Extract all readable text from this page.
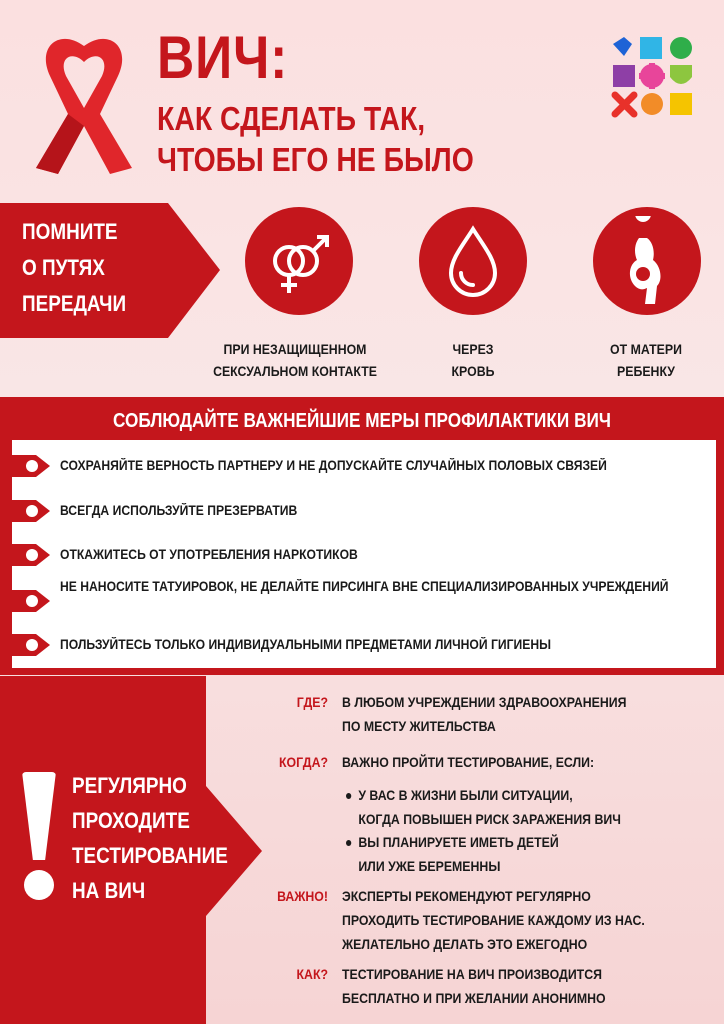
ВИЧ:
КАК СДЕЛАТЬ ТАК,
ЧТОБЫ ЕГО НЕ БЫЛО
ПОМНИТЕ
О ПУТЯХ
ПЕРЕДАЧИ
ПРИ НЕЗАЩИЩЕННОМ
СЕКСУАЛЬНОМ КОНТАКТЕ
ЧЕРЕЗ
КРОВЬ
ОТ МАТЕРИ
РЕБЕНКУ
СОБЛЮДАЙТЕ ВАЖНЕЙШИЕ МЕРЫ ПРОФИЛАКТИКИ ВИЧ
СОХРАНЯЙТЕ ВЕРНОСТЬ ПАРТНЕРУ И НЕ ДОПУСКАЙТЕ СЛУЧАЙНЫХ ПОЛОВЫХ СВЯЗЕЙ
ВСЕГДА ИСПОЛЬЗУЙТЕ ПРЕЗЕРВАТИВ
ОТКАЖИТЕСЬ ОТ УПОТРЕБЛЕНИЯ НАРКОТИКОВ
НЕ НАНОСИТЕ ТАТУИРОВОК, НЕ ДЕЛАЙТЕ ПИРСИНГА ВНЕ СПЕЦИАЛИЗИРОВАННЫХ УЧРЕЖДЕНИЙ
ПОЛЬЗУЙТЕСЬ ТОЛЬКО ИНДИВИДУАЛЬНЫМИ ПРЕДМЕТАМИ ЛИЧНОЙ ГИГИЕНЫ
РЕГУЛЯРНО
ПРОХОДИТЕ
ТЕСТИРОВАНИЕ
НА ВИЧ
ГДЕ? В ЛЮБОМ УЧРЕЖДЕНИИ ЗДРАВООХРАНЕНИЯ
ПО МЕСТУ ЖИТЕЛЬСТВА
КОГДА? ВАЖНО ПРОЙТИ ТЕСТИРОВАНИЕ, ЕСЛИ:
У ВАС В ЖИЗНИ БЫЛИ СИТУАЦИИ,
КОГДА ПОВЫШЕН РИСК ЗАРАЖЕНИЯ ВИЧ
ВЫ ПЛАНИРУЕТЕ ИМЕТЬ ДЕТЕЙ
ИЛИ УЖЕ БЕРЕМЕННЫ
ВАЖНО! ЭКСПЕРТЫ РЕКОМЕНДУЮТ РЕГУЛЯРНО
ПРОХОДИТЬ ТЕСТИРОВАНИЕ КАЖДОМУ ИЗ НАС.
ЖЕЛАТЕЛЬНО ДЕЛАТЬ ЭТО ЕЖЕГОДНО
КАК? ТЕСТИРОВАНИЕ НА ВИЧ ПРОИЗВОДИТСЯ
БЕСПЛАТНО И ПРИ ЖЕЛАНИИ АНОНИМНО
